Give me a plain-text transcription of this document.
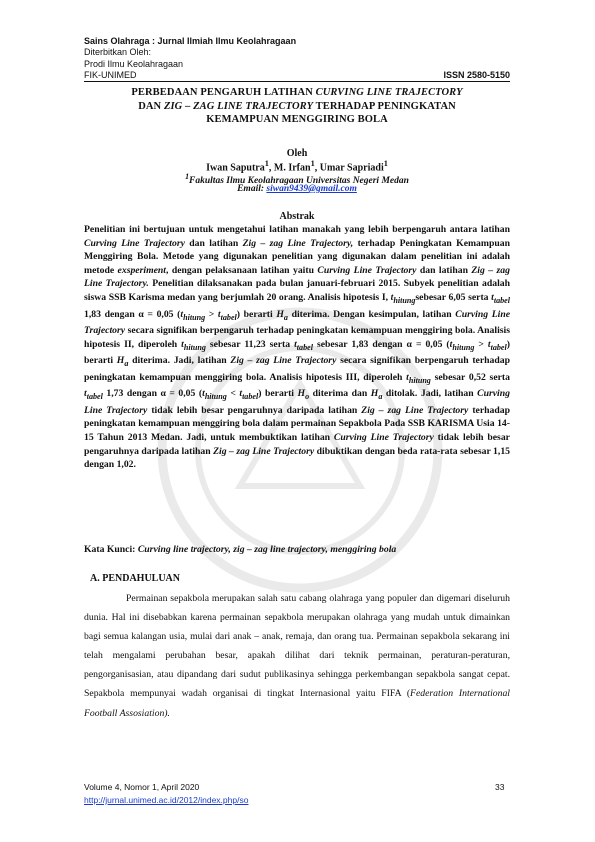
Sains Olahraga : Jurnal Ilmiah Ilmu Keolahragaan
Diterbitkan Oleh:
Prodi Ilmu Keolahragaan
FIK-UNIMED	ISSN 2580-5150
PERBEDAAN PENGARUH LATIHAN CURVING LINE TRAJECTORY
DAN ZIG – ZAG LINE TRAJECTORY TERHADAP PENINGKATAN
KEMAMPUAN MENGGIRING BOLA
Oleh
Iwan Saputra$^1$, M. Irfan$^1$, Umar Sapriadi$^1$
$^1$Fakultas Ilmu Keolahragaan Universitas Negeri Medan
Email: siwan9439@gmail.com
Abstrak

Penelitian ini bertujuan untuk mengetahui latihan manakah yang lebih berpengaruh antara latihan Curving Line Trajectory dan latihan Zig – zag Line Trajectory, terhadap Peningkatan Kemampuan Menggiring Bola. Metode yang digunakan penelitian yang digunakan dalam penelitian ini adalah metode exsperiment, dengan pelaksanaan latihan yaitu Curving Line Trajectory dan latihan Zig – zag Line Trajectory. Penelitian dilaksanakan pada bulan januari-februari 2015. Subyek penelitian adalah siswa SSB Karisma medan yang berjumlah 20 orang. Analisis hipotesis I, $t_{hitung}sebesar$ 6,05 serta $t_{tabel}$ 1,83 dengan α = 0,05 $(t_{hitung} > t_{tabel})$ berarti $H_a$ diterima. Dengan kesimpulan, latihan Curving Line Trajectory secara signifikan berpengaruh terhadap peningkatan kemampuan menggiring bola. Analisis hipotesis II, diperoleh $t_{hitung}$ sebesar 11,23 serta $t_{tabel}$ sebesar 1,83 dengan α = 0,05 $(t_{hitung} > t_{tabel})$ berarti $H_a$ diterima. Jadi, latihan Zig – zag Line Trajectory secara signifikan berpengaruh terhadap peningkatan kemampuan menggiring bola. Analisis hipotesis III, diperoleh $t_{hitung}$ sebesar 0,52 serta $t_{tabel}$ 1,73 dengan α = 0,05 $(t_{hitung} < t_{tabel})$ berarti $H_o$ diterima dan $H_a$ ditolak. Jadi, latihan Curving Line Trajectory tidak lebih besar pengaruhnya daripada latihan Zig – zag Line Trajectory terhadap peningkatan kemampuan menggiring bola dalam permainan Sepakbola Pada SSB KARISMA Usia 14- 15 Tahun 2013 Medan. Jadi, untuk membuktikan latihan Curving Line Trajectory tidak lebih besar pengaruhnya daripada latihan Zig – zag Line Trajectory dibuktikan dengan beda rata-rata sebesar 1,15 dengan 1,02.

Kata Kunci: Curving line trajectory, zig – zag line trajectory, menggiring bola
A. PENDAHULUAN

Permainan sepakbola merupakan salah satu cabang olahraga yang populer dan digemari diseluruh dunia. Hal ini disebabkan karena permainan sepakbola merupakan olahraga yang mudah untuk dimainkan bagi semua kalangan usia, mulai dari anak – anak, remaja, dan orang tua. Permainan sepakbola sekarang ini telah mengalami perubahan besar, apakah dilihat dari teknik permainan, peraturan-peraturan, pengorganisasian, atau dipandang dari sudut publikasinya sehingga perkembangan sepakbola sangat cepat. Sepakbola mempunyai wadah organisai di tingkat Internasional yaitu FIFA (Federation International Football Assosiation).

Volume 4, Nomor 1, April 2020	33
http://jurnal.unimed.ac.id/2012/index.php/so
